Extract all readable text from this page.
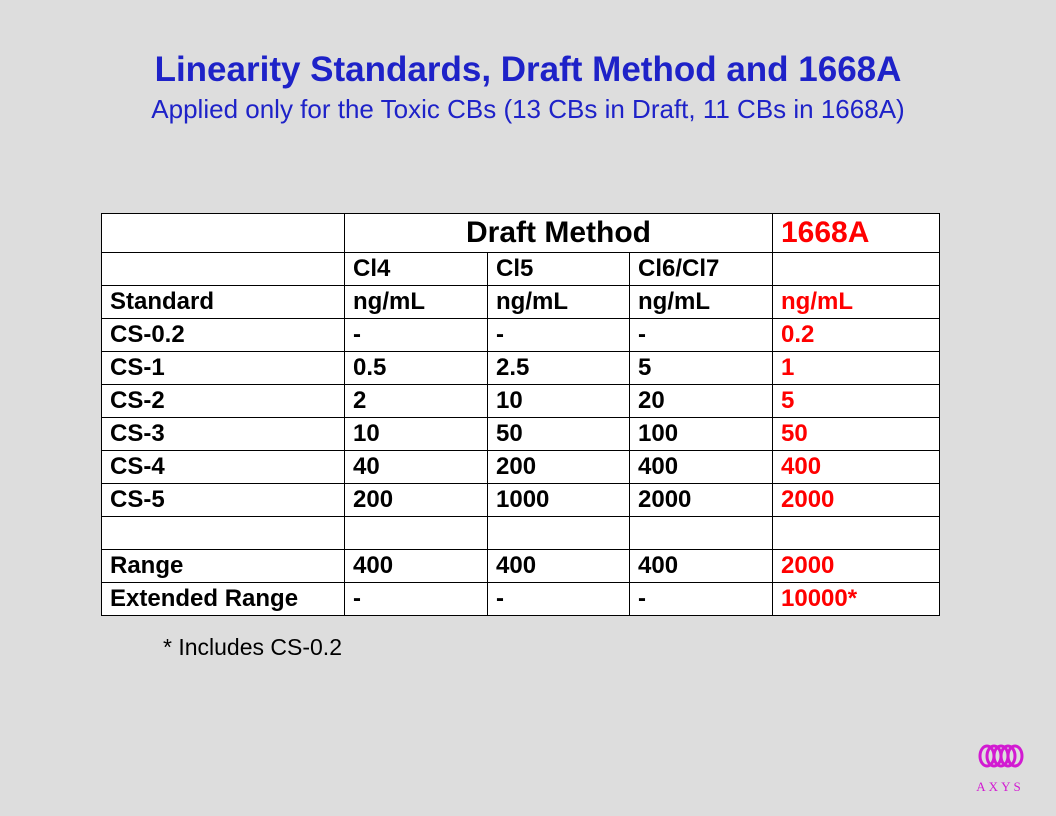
Linearity Standards, Draft Method and 1668A
Applied only for the Toxic CBs (13 CBs in Draft, 11 CBs in 1668A)
	Draft Method			1668A
	Cl4	Cl5	Cl6/Cl7	
Standard	ng/mL	ng/mL	ng/mL	ng/mL
CS-0.2	-	-	-	0.2
CS-1	0.5	2.5	5	1
CS-2	2	10	20	5
CS-3	10	50	100	50
CS-4	40	200	400	400
CS-5	200	1000	2000	2000

Range	400	400	400	2000
Extended Range	-	-	-	10000*
* Includes CS-0.2
AXYS
